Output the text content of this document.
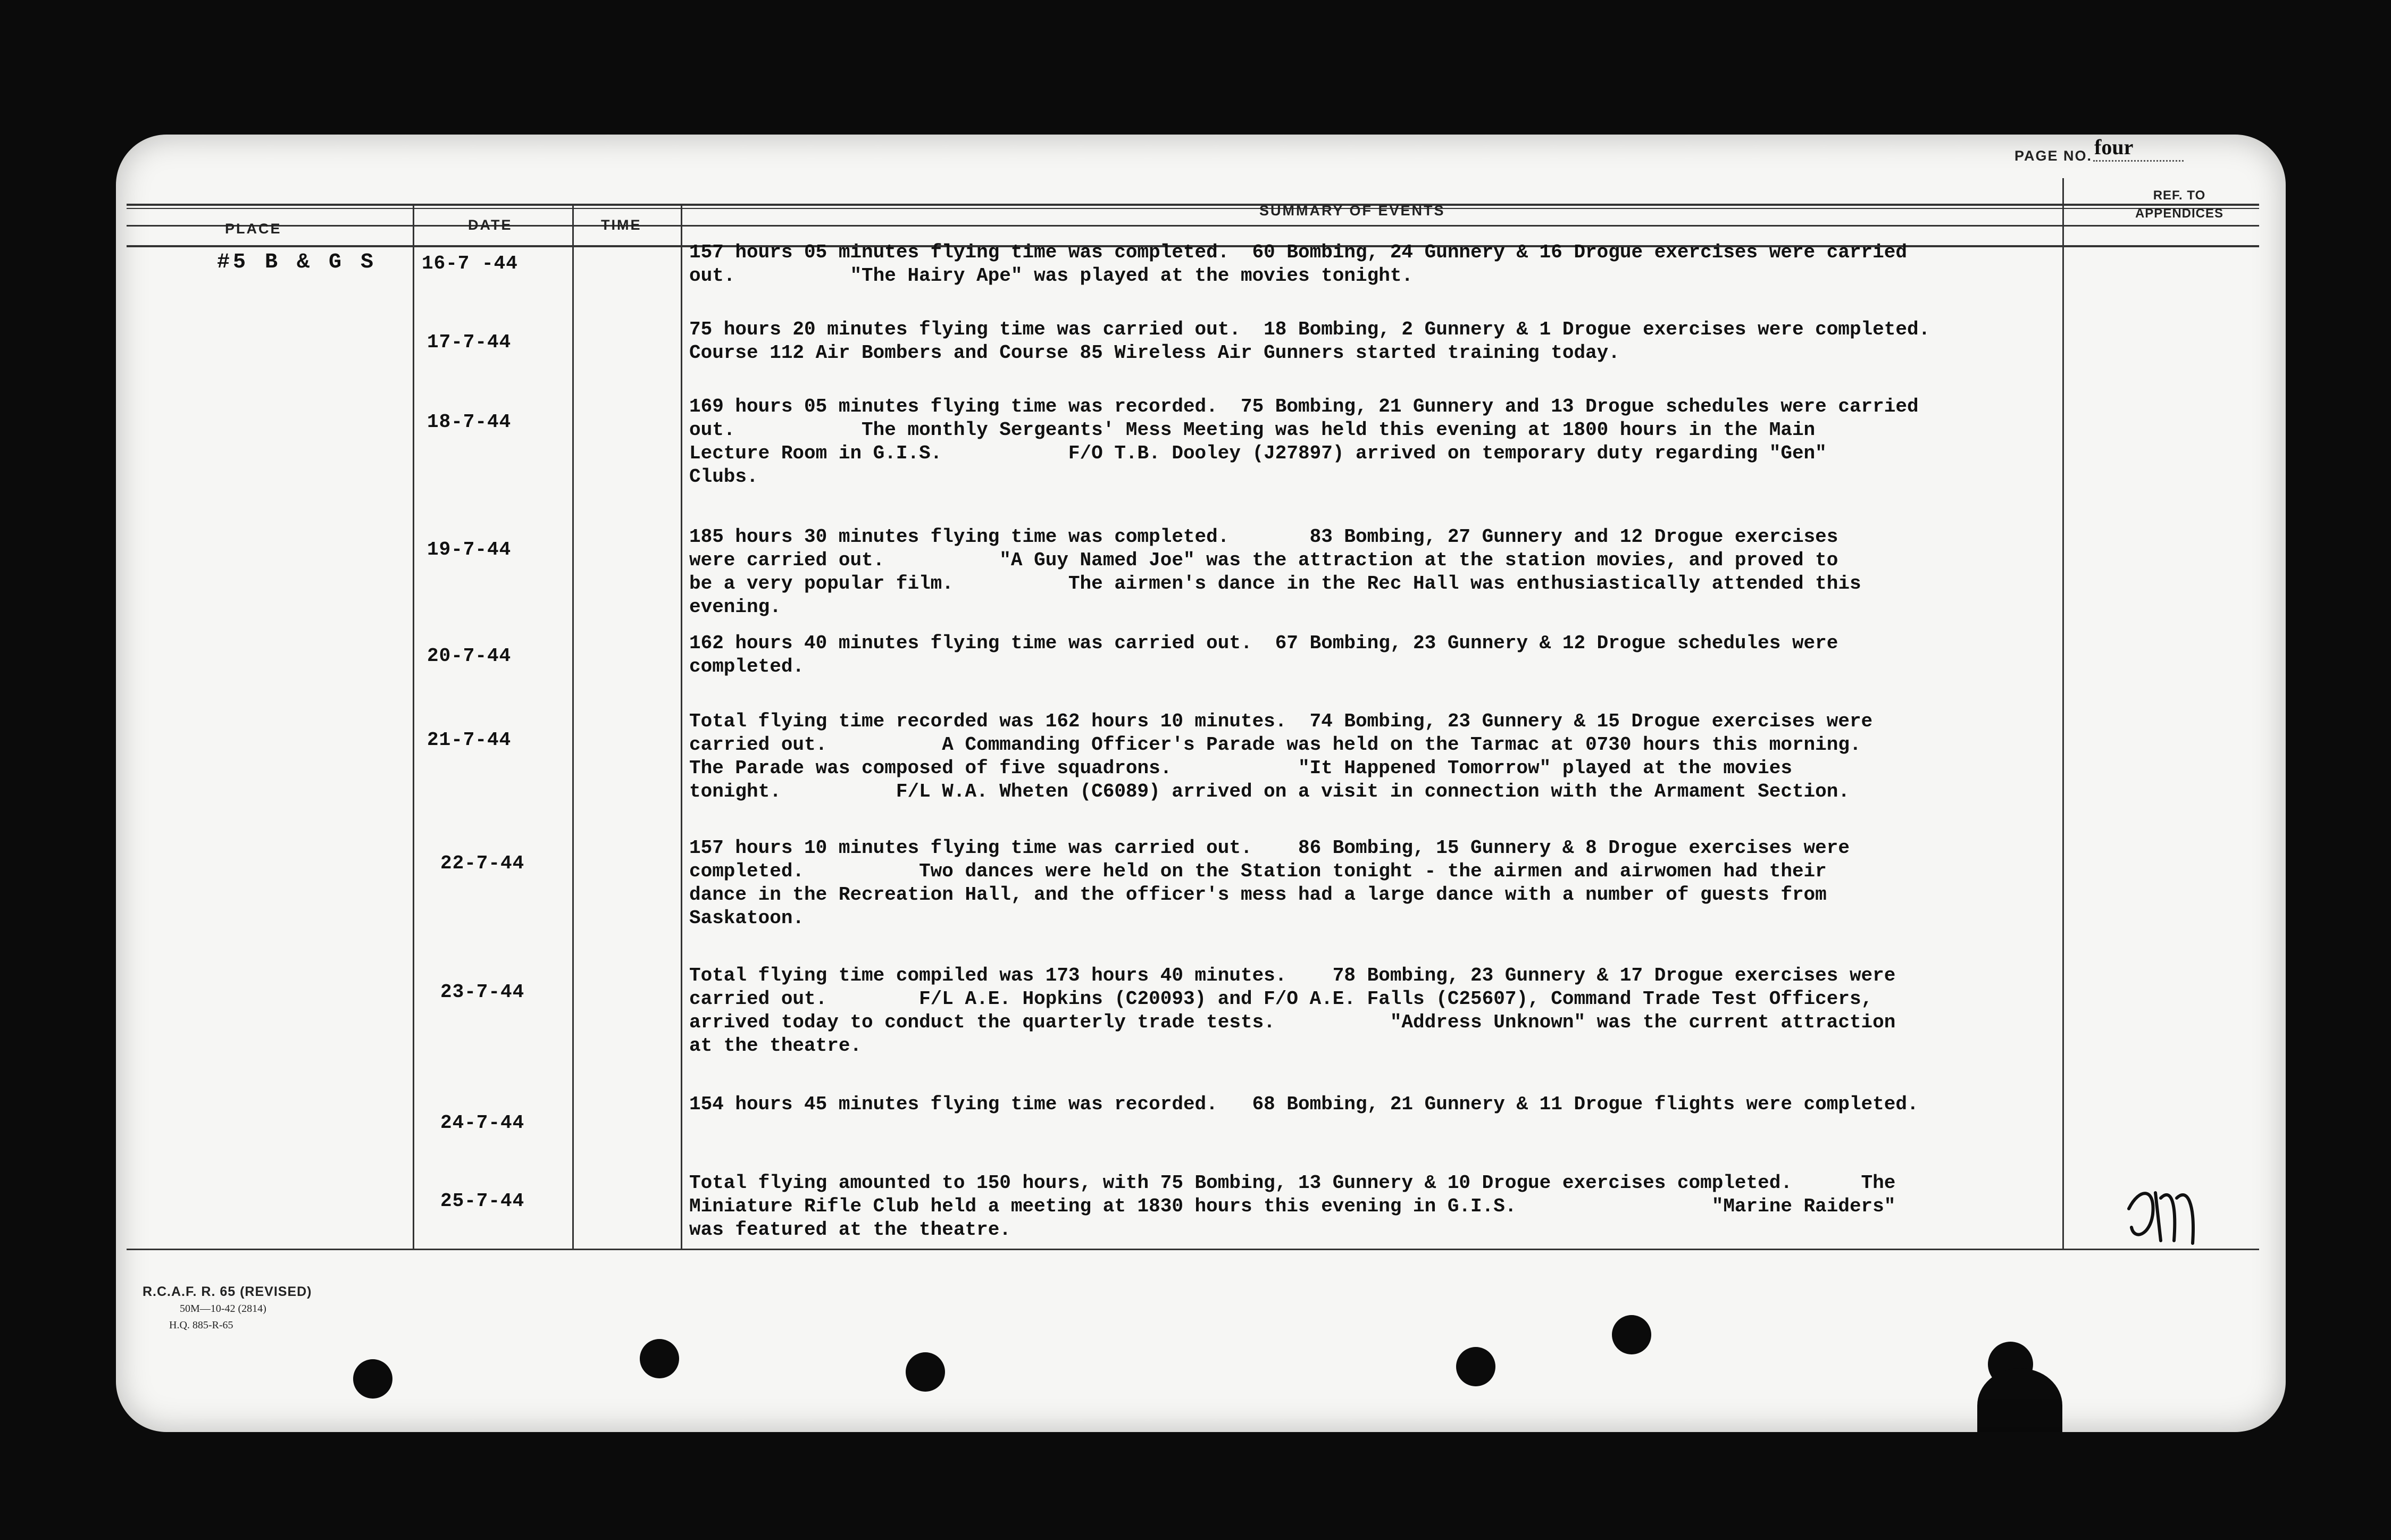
PAGE NO. four
PLACE	DATE	TIME
SUMMARY OF EVENTS
REF. TO
APPENDICES
#5 B & G S 16-7 -44
17-7-44
18-7-44
19-7-44
20-7-44
21-7-44
22-7-44
23-7-44
24-7-44
25-7-44
157 hours 05 minutes flying time was completed.  60 Bombing, 24 Gunnery & 16 Drogue exercises were carried
out.          "The Hairy Ape" was played at the movies tonight.
75 hours 20 minutes flying time was carried out.  18 Bombing, 2 Gunnery & 1 Drogue exercises were completed.
Course 112 Air Bombers and Course 85 Wireless Air Gunners started training today.
169 hours 05 minutes flying time was recorded.  75 Bombing, 21 Gunnery and 13 Drogue schedules were carried
out.           The monthly Sergeants' Mess Meeting was held this evening at 1800 hours in the Main
Lecture Room in G.I.S.           F/O T.B. Dooley (J27897) arrived on temporary duty regarding "Gen"
Clubs.
185 hours 30 minutes flying time was completed.       83 Bombing, 27 Gunnery and 12 Drogue exercises
were carried out.          "A Guy Named Joe" was the attraction at the station movies, and proved to
be a very popular film.          The airmen's dance in the Rec Hall was enthusiastically attended this
evening.
162 hours 40 minutes flying time was carried out.  67 Bombing, 23 Gunnery & 12 Drogue schedules were
completed.
Total flying time recorded was 162 hours 10 minutes.  74 Bombing, 23 Gunnery & 15 Drogue exercises were
carried out.          A Commanding Officer's Parade was held on the Tarmac at 0730 hours this morning.
The Parade was composed of five squadrons.           "It Happened Tomorrow" played at the movies
tonight.          F/L W.A. Wheten (C6089) arrived on a visit in connection with the Armament Section.
157 hours 10 minutes flying time was carried out.    86 Bombing, 15 Gunnery & 8 Drogue exercises were
completed.          Two dances were held on the Station tonight - the airmen and airwomen had their
dance in the Recreation Hall, and the officer's mess had a large dance with a number of guests from
Saskatoon.
Total flying time compiled was 173 hours 40 minutes.    78 Bombing, 23 Gunnery & 17 Drogue exercises were
carried out.        F/L A.E. Hopkins (C20093) and F/O A.E. Falls (C25607), Command Trade Test Officers,
arrived today to conduct the quarterly trade tests.          "Address Unknown" was the current attraction
at the theatre.
154 hours 45 minutes flying time was recorded.   68 Bombing, 21 Gunnery & 11 Drogue flights were completed.
Total flying amounted to 150 hours, with 75 Bombing, 13 Gunnery & 10 Drogue exercises completed.      The
Miniature Rifle Club held a meeting at 1830 hours this evening in G.I.S.                 "Marine Raiders"
was featured at the theatre.
R.C.A.F. R. 65 (REVISED)
50M—10-42 (2814)
H.Q. 885-R-65
